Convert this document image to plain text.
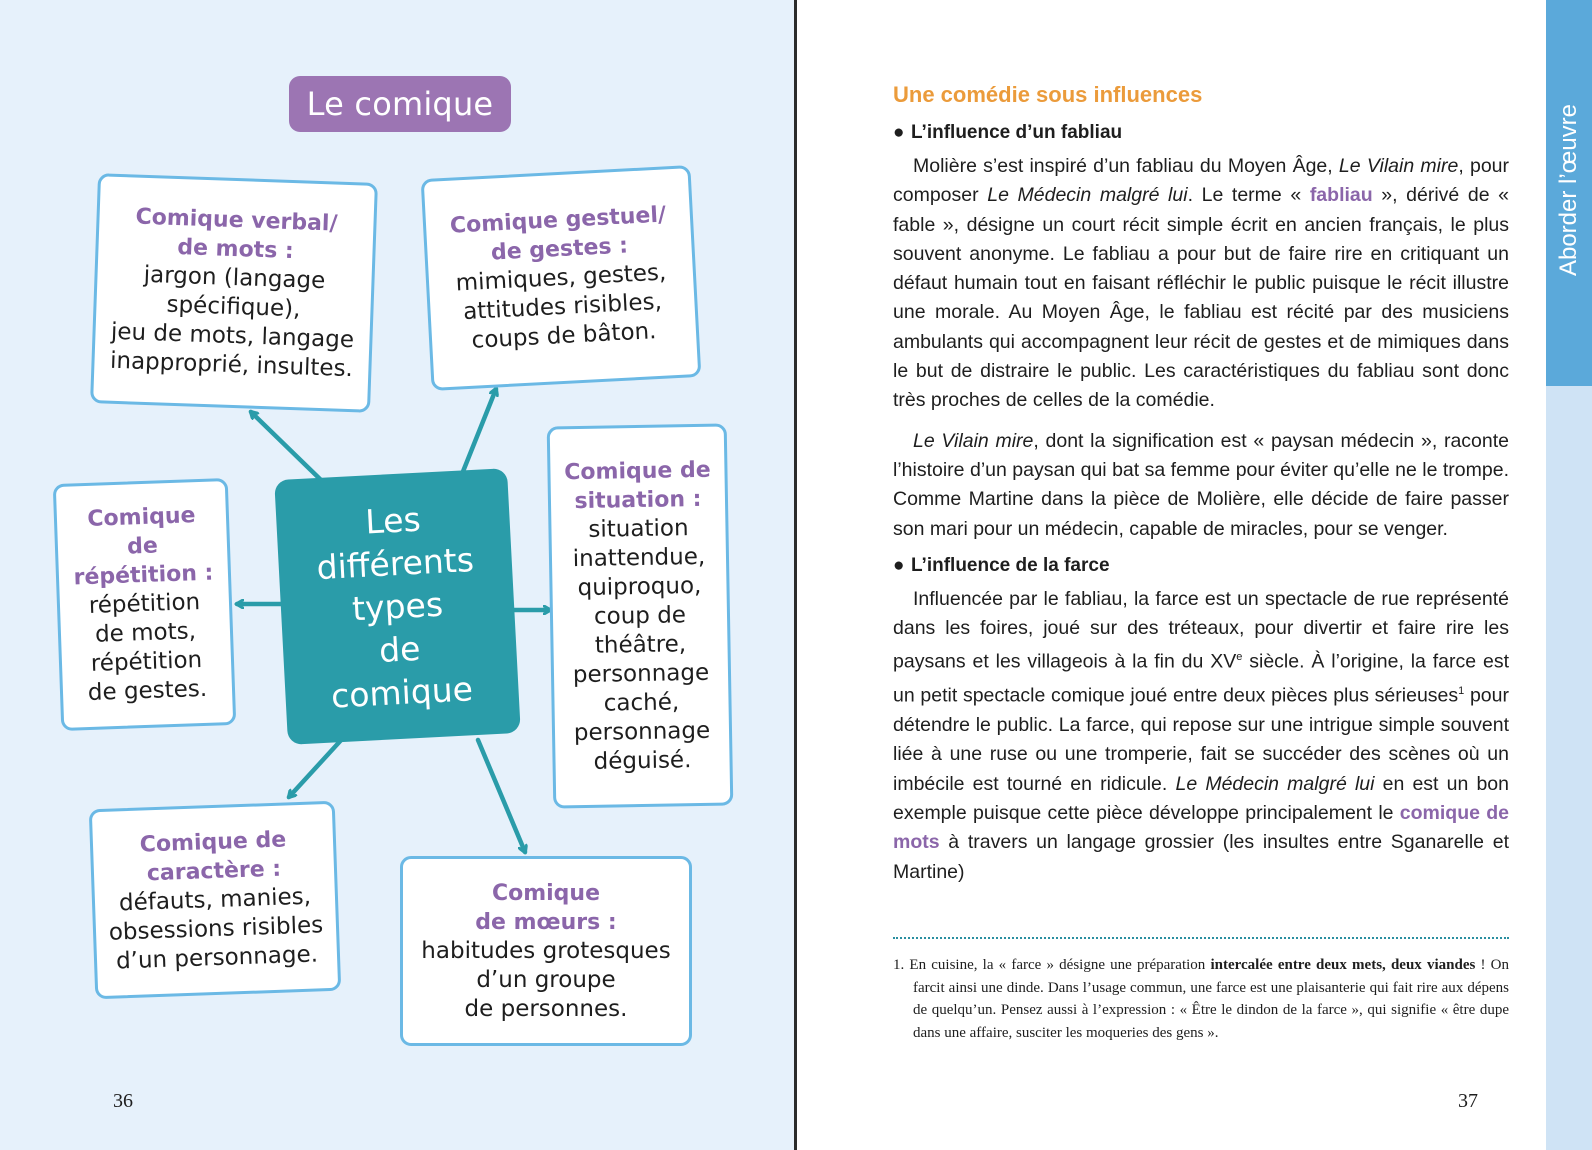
Le comique
Comique verbal/
de mots :
jargon (langage
spécifique),
jeu de mots, langage
inapproprié, insultes.
Comique gestuel/
de gestes :
mimiques, gestes,
attitudes risibles,
coups de bâton.
Comique de
situation :
situation
inattendue,
quiproquo,
coup de
théâtre,
personnage
caché,
personnage
déguisé.
Comique
de
répétition :
répétition
de mots,
répétition
de gestes.
Comique de
caractère :
défauts, manies,
obsessions risibles
d’un personnage.
Comique
de mœurs :
habitudes grotesques
d’un groupe
de personnes.
Les
différents
types
de
comique
36
Une comédie sous influences
● L’influence d’un fabliau

Molière s’est inspiré d’un fabliau du Moyen Âge, Le Vilain mire, pour composer Le Médecin malgré lui. Le terme « fabliau », dérivé de « fable », désigne un court récit simple écrit en ancien français, le plus souvent anonyme. Le fabliau a pour but de faire rire en critiquant un défaut humain tout en faisant réfléchir le public puisque le récit illustre une morale. Au Moyen Âge, le fabliau est récité par des musiciens ambulants qui accompagnent leur récit de gestes et de mimiques dans le but de distraire le public. Les caractéristiques du fabliau sont donc très proches de celles de la comédie.

Le Vilain mire, dont la signification est « paysan médecin », raconte l’histoire d’un paysan qui bat sa femme pour éviter qu’elle ne le trompe. Comme Martine dans la pièce de Molière, elle décide de faire passer son mari pour un médecin, capable de miracles, pour se venger.

● L’influence de la farce

Influencée par le fabliau, la farce est un spectacle de rue représenté dans les foires, joué sur des tréteaux, pour divertir et faire rire les paysans et les villageois à la fin du XVe siècle. À l’origine, la farce est un petit spectacle comique joué entre deux pièces plus sérieuses$^1$ pour détendre le public. La farce, qui repose sur une intrigue simple souvent liée à une ruse ou une tromperie, fait se succéder des scènes où un imbécile est tourné en ridicule. Le Médecin malgré lui en est un bon exemple puisque cette pièce développe principalement le comique de mots à travers un langage grossier (les insultes entre Sganarelle et Martine)

1. En cuisine, la « farce » désigne une préparation intercalée entre deux mets, deux viandes ! On farcit ainsi une dinde. Dans l’usage commun, une farce est une plaisanterie qui fait rire aux dépens de quelqu’un. Pensez aussi à l’expression : « Être le dindon de la farce », qui signifie « être dupe dans une affaire, susciter les moqueries des gens ».
37
Aborder l’œuvre
